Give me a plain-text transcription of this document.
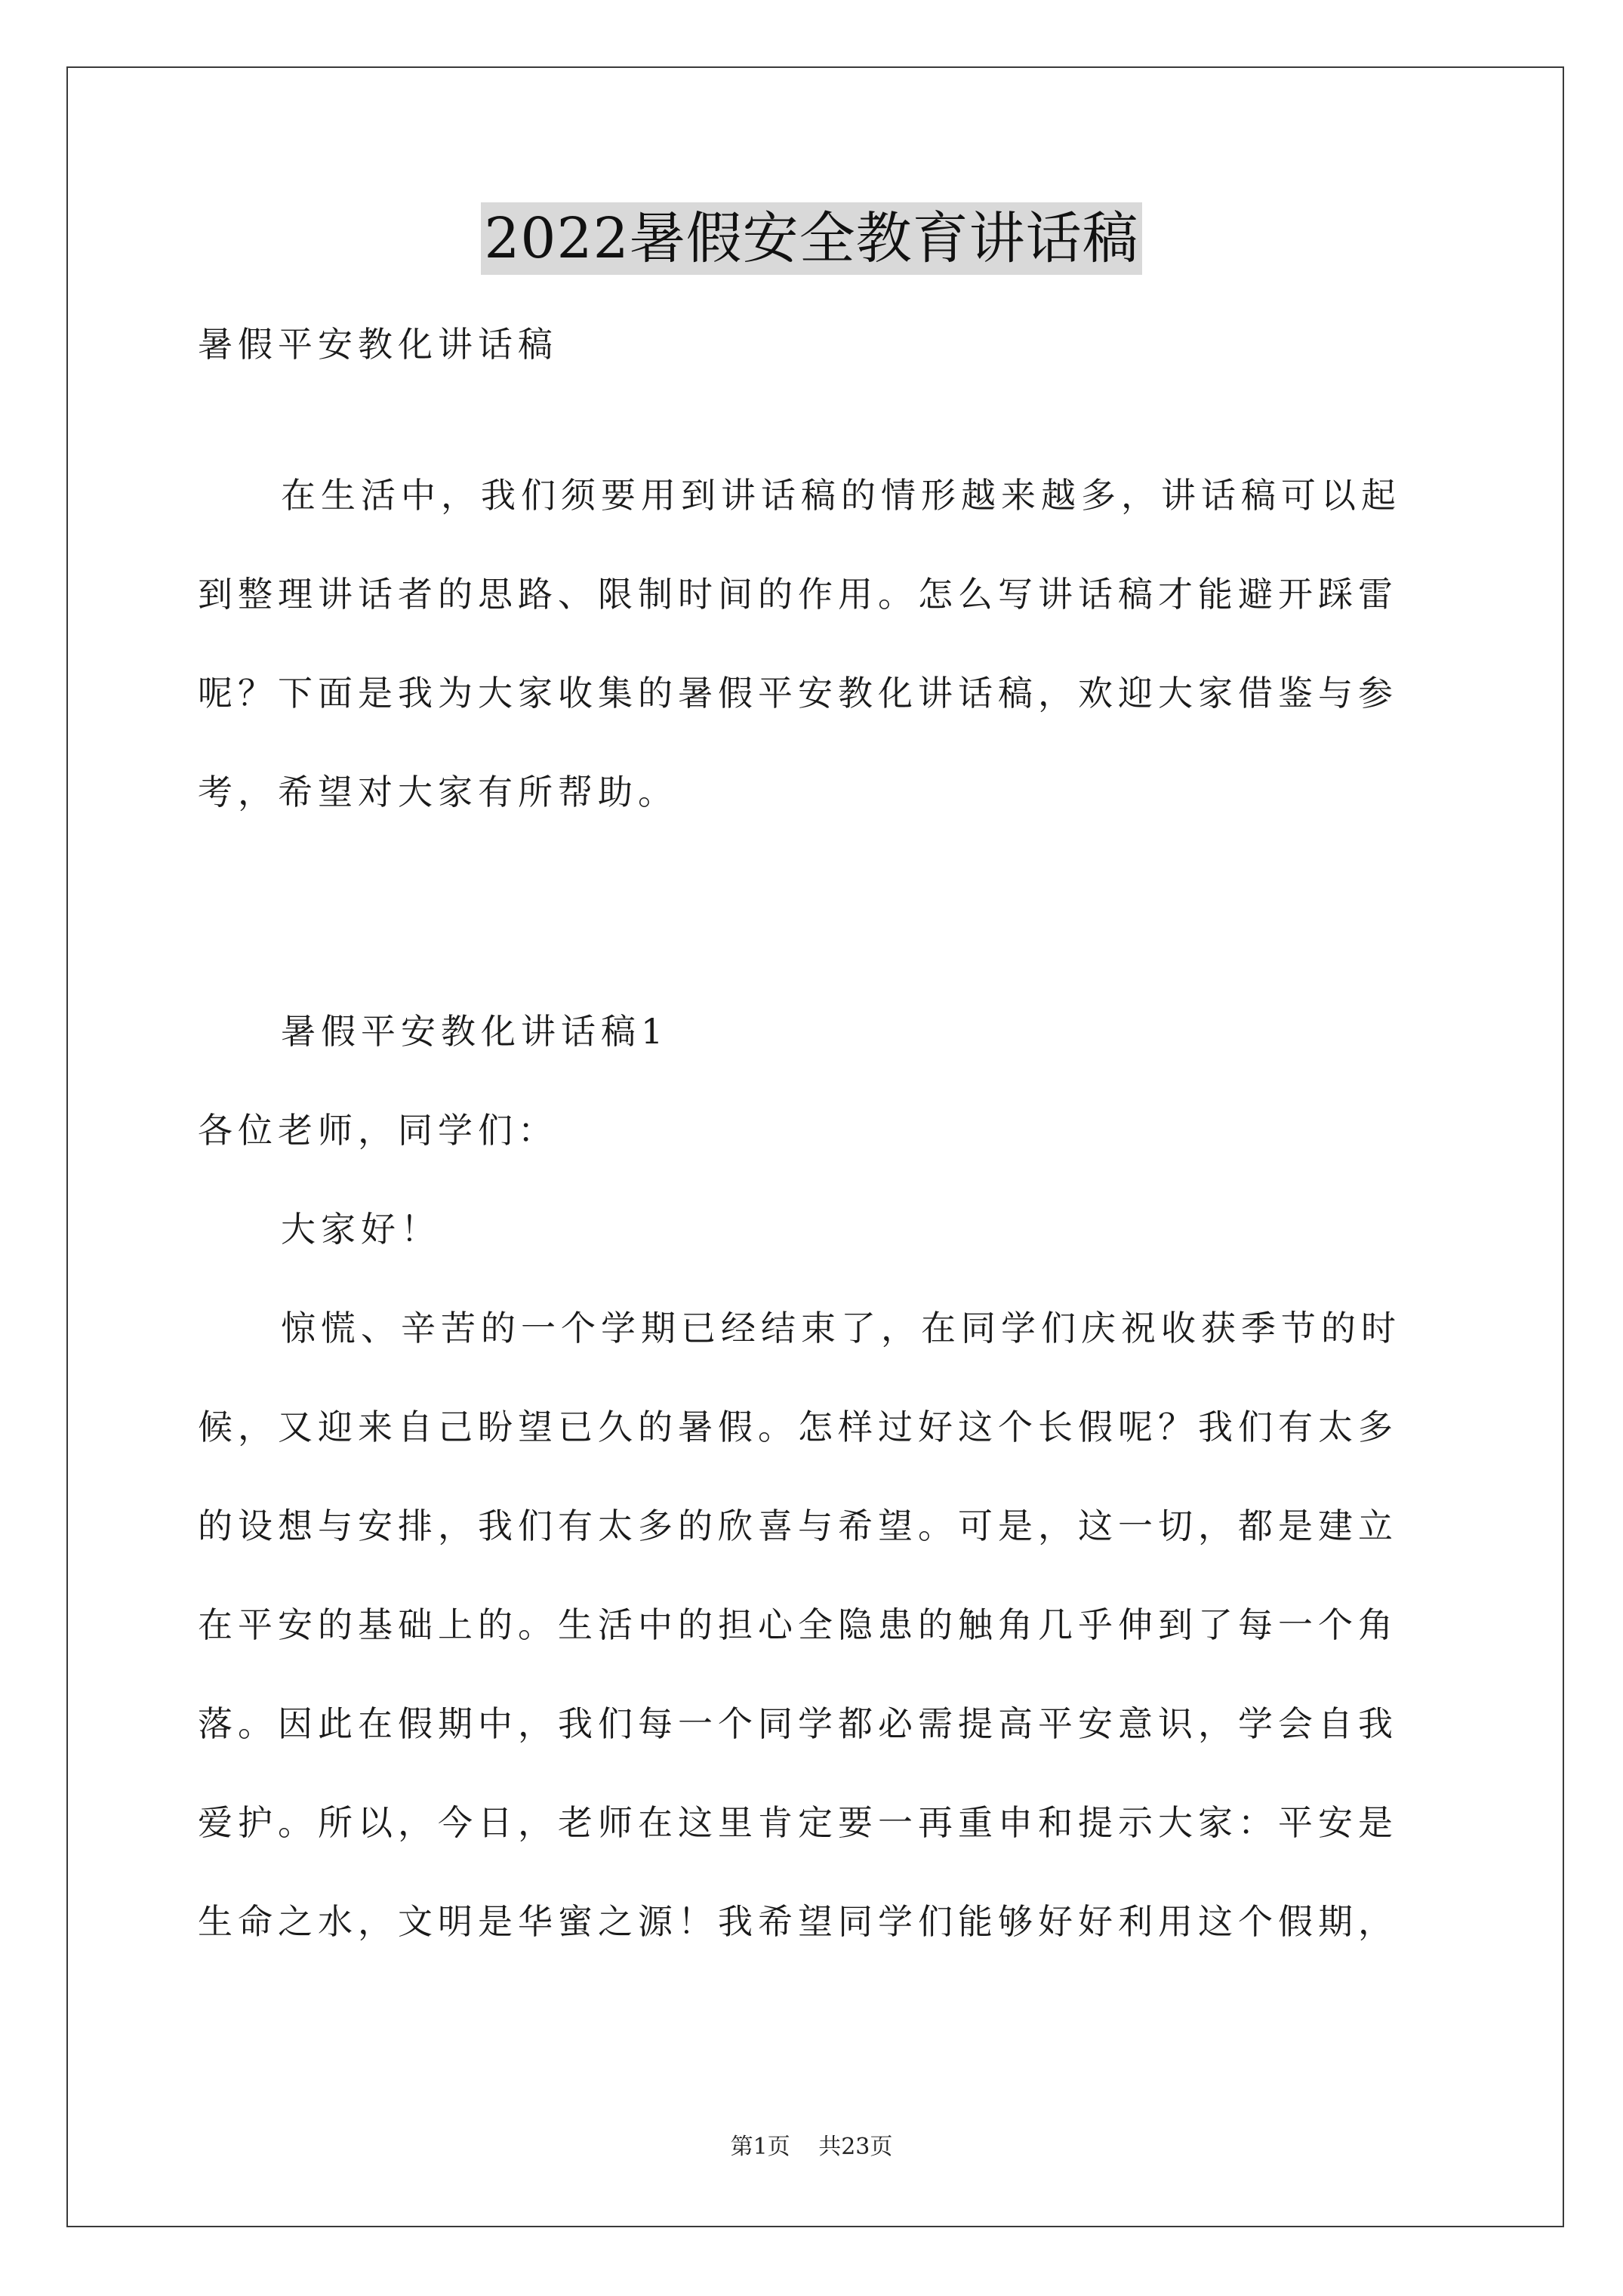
2022暑假安全教育讲话稿
暑假平安教化讲话稿
在生活中，我们须要用到讲话稿的情形越来越多，讲话稿可以起
到整理讲话者的思路、限制时间的作用。怎么写讲话稿才能避开踩雷
呢？下面是我为大家收集的暑假平安教化讲话稿，欢迎大家借鉴与参
考，希望对大家有所帮助。
暑假平安教化讲话稿1
各位老师，同学们：
大家好！
惊慌、辛苦的一个学期已经结束了，在同学们庆祝收获季节的时
候，又迎来自己盼望已久的暑假。怎样过好这个长假呢？我们有太多
的设想与安排，我们有太多的欣喜与希望。可是，这一切，都是建立
在平安的基础上的。生活中的担心全隐患的触角几乎伸到了每一个角
落。因此在假期中，我们每一个同学都必需提高平安意识，学会自我
爱护。所以，今日，老师在这里肯定要一再重申和提示大家：平安是
生命之水，文明是华蜜之源！我希望同学们能够好好利用这个假期，
第1页 共23页
